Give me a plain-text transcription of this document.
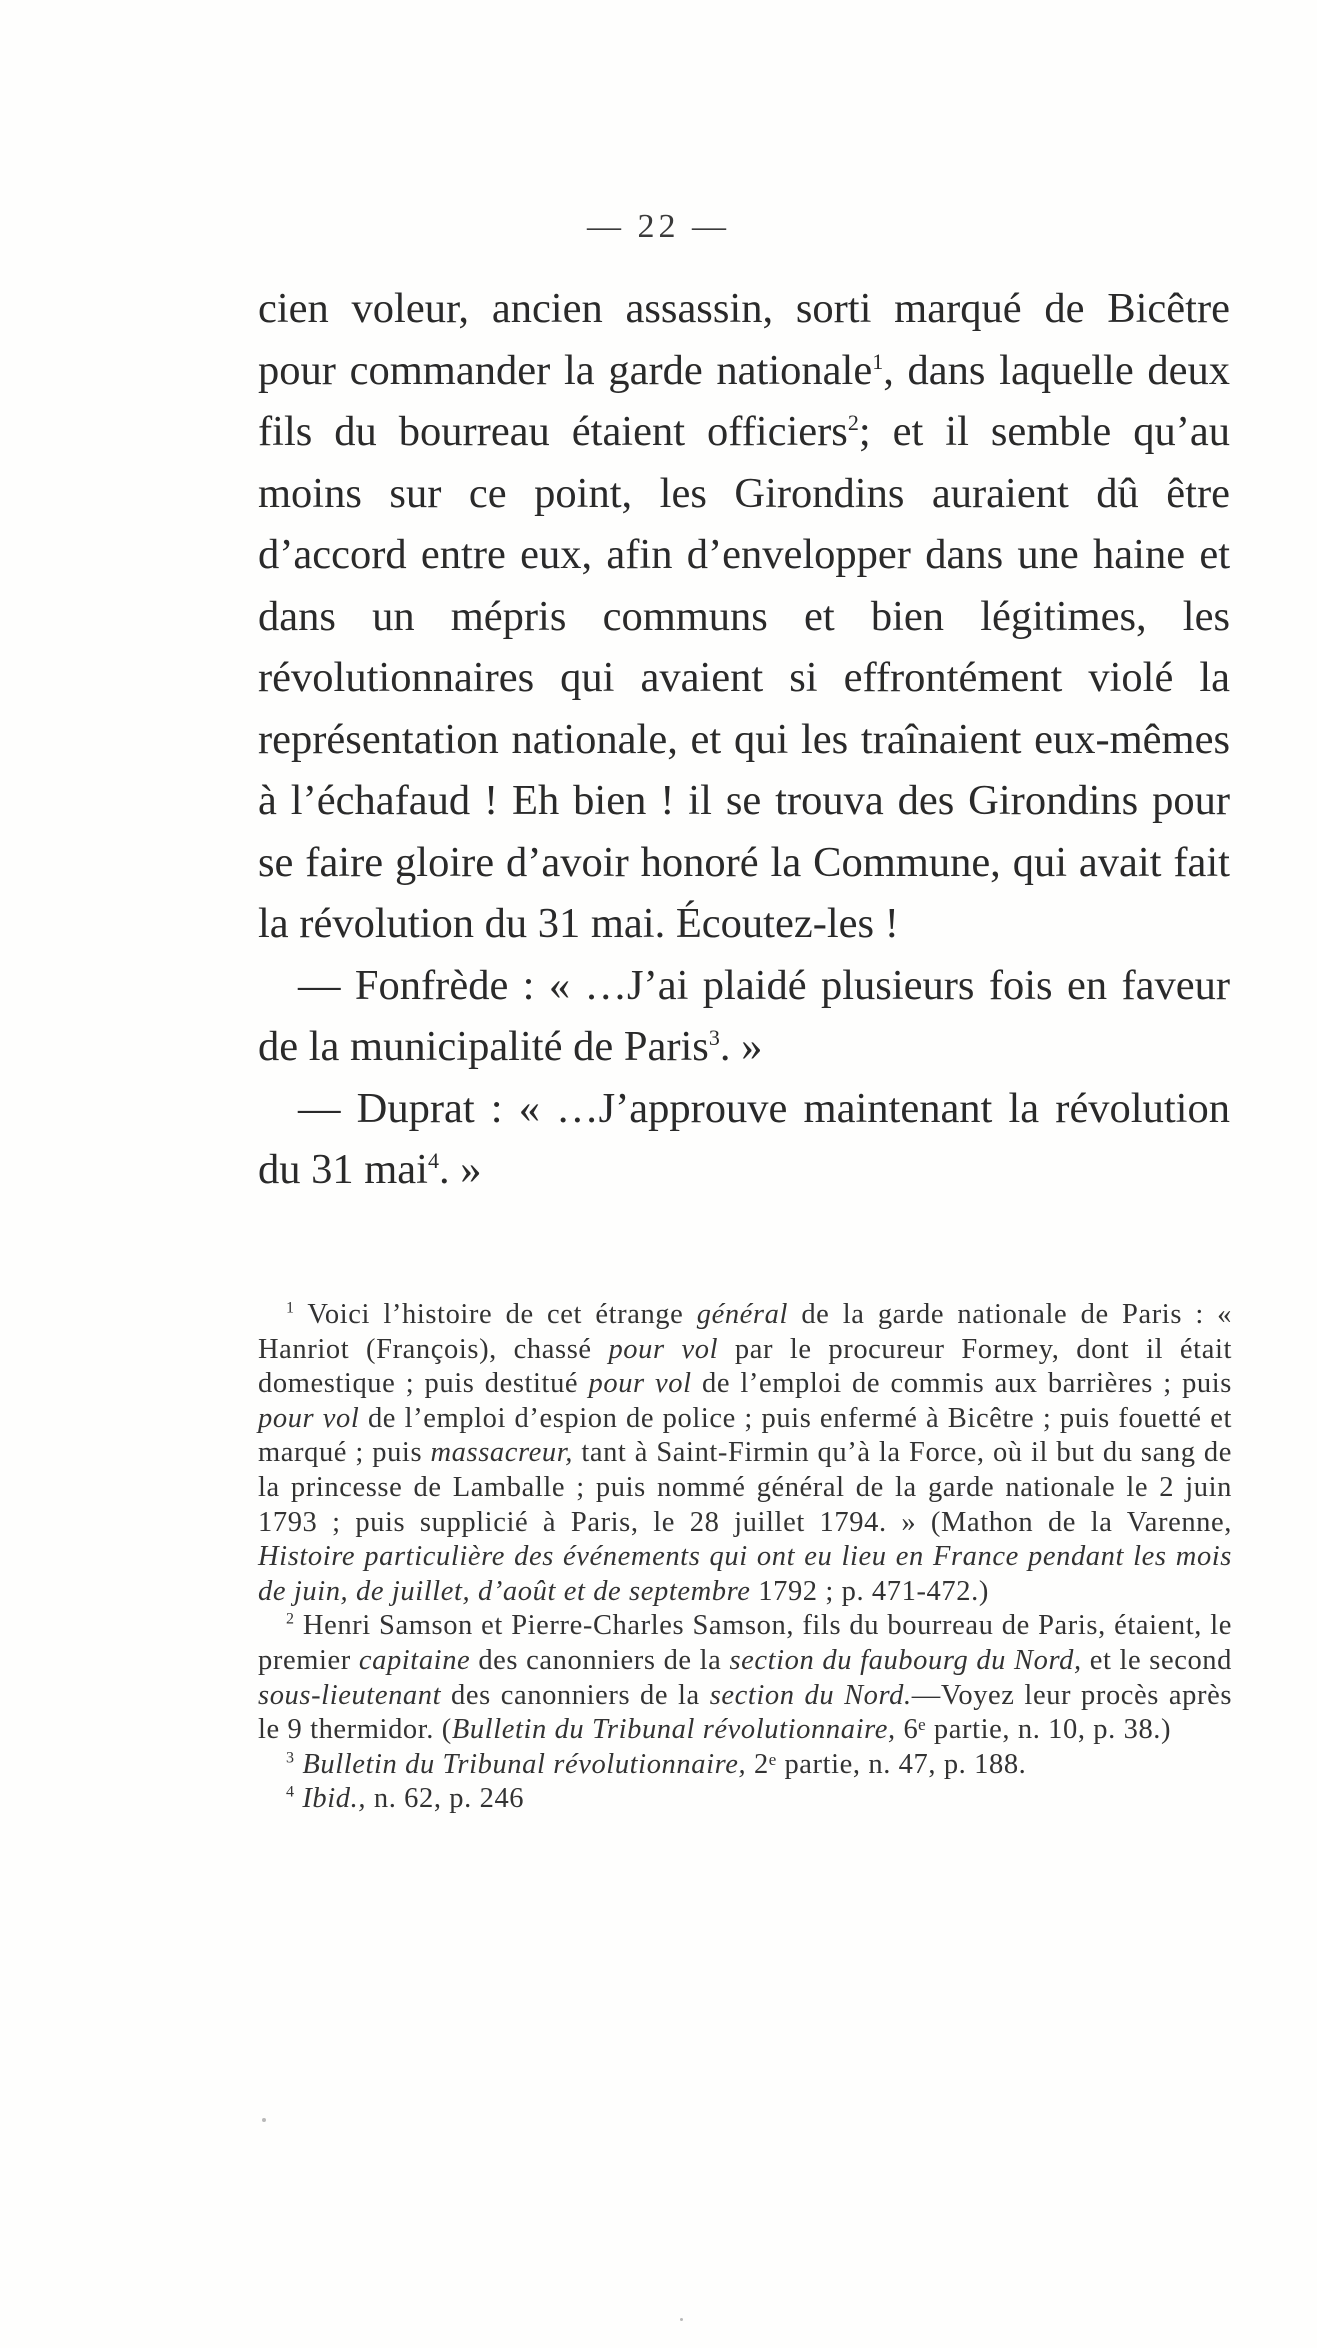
— 22 —

cien voleur, ancien assassin, sorti marqué de Bicêtre pour commander la garde nationale$^1$, dans laquelle deux fils du bourreau étaient officiers$^2$; et il semble qu’au moins sur ce point, les Girondins auraient dû être d’accord entre eux, afin d’envelopper dans une haine et dans un mépris communs et bien légitimes, les révolutionnaires qui avaient si effrontément violé la représentation nationale, et qui les traînaient eux-mêmes à l’échafaud ! Eh bien ! il se trouva des Girondins pour se faire gloire d’avoir honoré la Commune, qui avait fait la révolution du 31 mai. Écoutez-les !

— Fonfrède : « …J’ai plaidé plusieurs fois en faveur de la municipalité de Paris$^3$. »

— Duprat : « …J’approuve maintenant la révolution du 31 mai$^4$. »

$^1$ Voici l’histoire de cet étrange général de la garde nationale de Paris : « Hanriot (François), chassé pour vol par le procureur Formey, dont il était domestique ; puis destitué pour vol de l’emploi de commis aux barrières ; puis pour vol de l’emploi d’espion de police ; puis enfermé à Bicêtre ; puis fouetté et marqué ; puis massacreur, tant à Saint-Firmin qu’à la Force, où il but du sang de la princesse de Lamballe ; puis nommé général de la garde nationale le 2 juin 1793 ; puis supplicié à Paris, le 28 juillet 1794. » (Mathon de la Varenne, Histoire particulière des événements qui ont eu lieu en France pendant les mois de juin, de juillet, d’août et de septembre 1792 ; p. 471-472.)

$^2$ Henri Samson et Pierre-Charles Samson, fils du bourreau de Paris, étaient, le premier capitaine des canonniers de la section du faubourg du Nord, et le second sous-lieutenant des canonniers de la section du Nord.—Voyez leur procès après le 9 thermidor. (Bulletin du Tribunal révolutionnaire, 6ᵉ partie, n. 10, p. 38.)

$^3$ Bulletin du Tribunal révolutionnaire, 2ᵉ partie, n. 47, p. 188.

$^4$ Ibid., n. 62, p. 246
